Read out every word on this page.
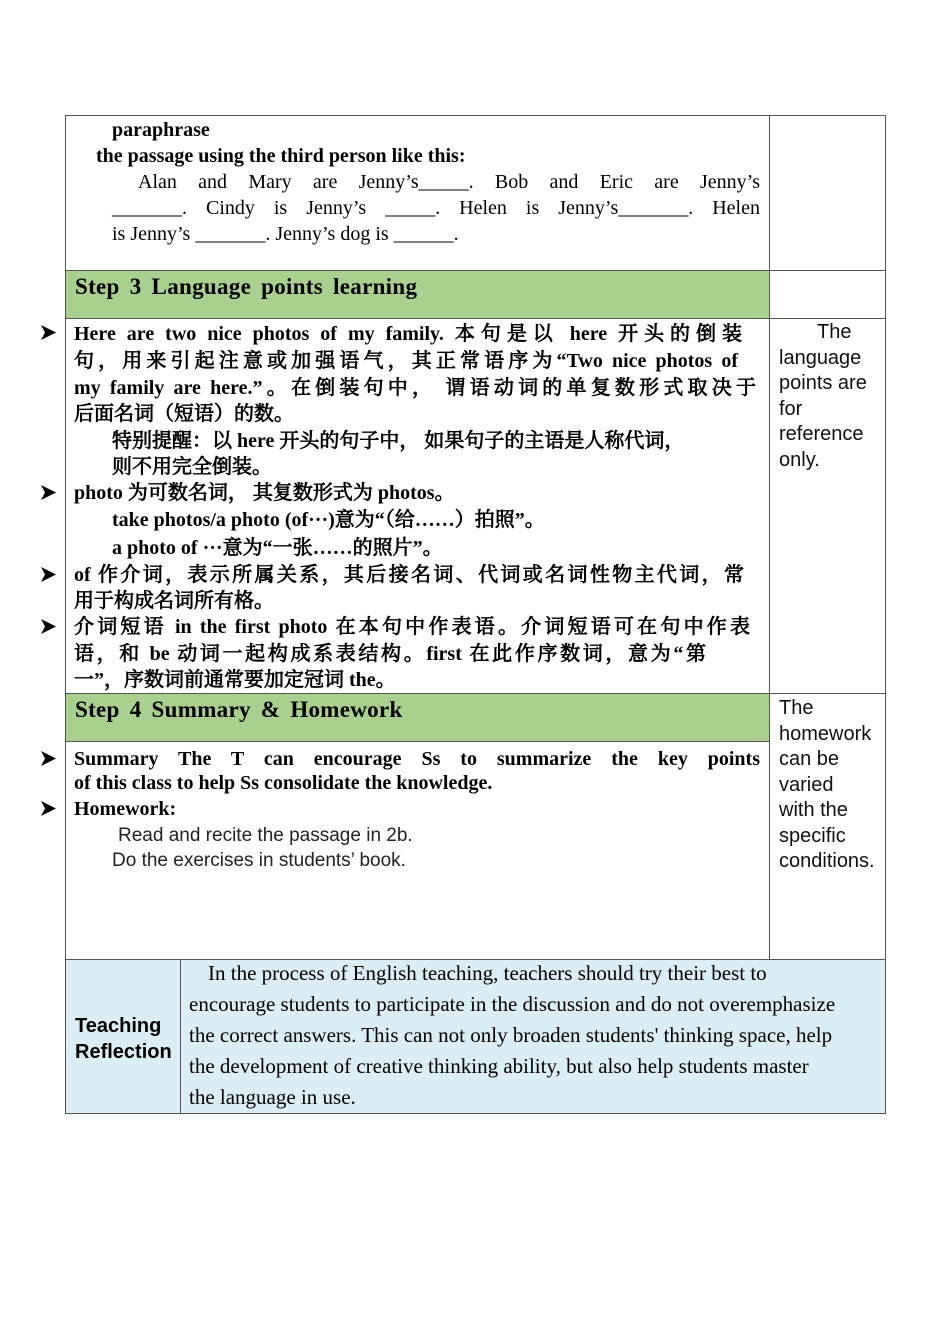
Step 3 Language points learning
Step 4 Summary & Homework
paraphrase
the passage using the third person like this:
Alan and Mary are Jenny’s_____. Bob and Eric are Jenny’s
_______. Cindy is Jenny’s _____. Helen is Jenny’s_______. Helen
is Jenny’s _______. Jenny’s dog is ______.
Here are two nice photos of my family. 本句是以 here 开头的倒装
句，用来引起注意或加强语气，其正常语序为“Two nice photos of
my family are here.”。在倒装句中， 谓语动词的单复数形式取决于
后面名词（短语）的数。
特别提醒：以 here 开头的句子中， 如果句子的主语是人称代词，
则不用完全倒装。
photo 为可数名词， 其复数形式为 photos。
take photos/a photo (of···)意为“（给……）拍照”。
a photo of ···意为“一张……的照片”。
of 作介词，表示所属关系，其后接名词、代词或名词性物主代词，常
用于构成名词所有格。
介词短语 in the first photo 在本句中作表语。介词短语可在句中作表
语，和 be 动词一起构成系表结构。first 在此作序数词，意为“第
一”，序数词前通常要加定冠词 the。
The
language
points are
for
reference
only.
Summary The T can encourage Ss to summarize the key points
of this class to help Ss consolidate the knowledge.
Homework:
Read and recite the passage in 2b.
Do the exercises in students’ book.
The
homework
can be
varied
with the
specific
conditions.
Teaching
Reflection
In the process of English teaching, teachers should try their best to
encourage students to participate in the discussion and do not overemphasize
the correct answers. This can not only broaden students' thinking space, help
the development of creative thinking ability, but also help students master
the language in use.
